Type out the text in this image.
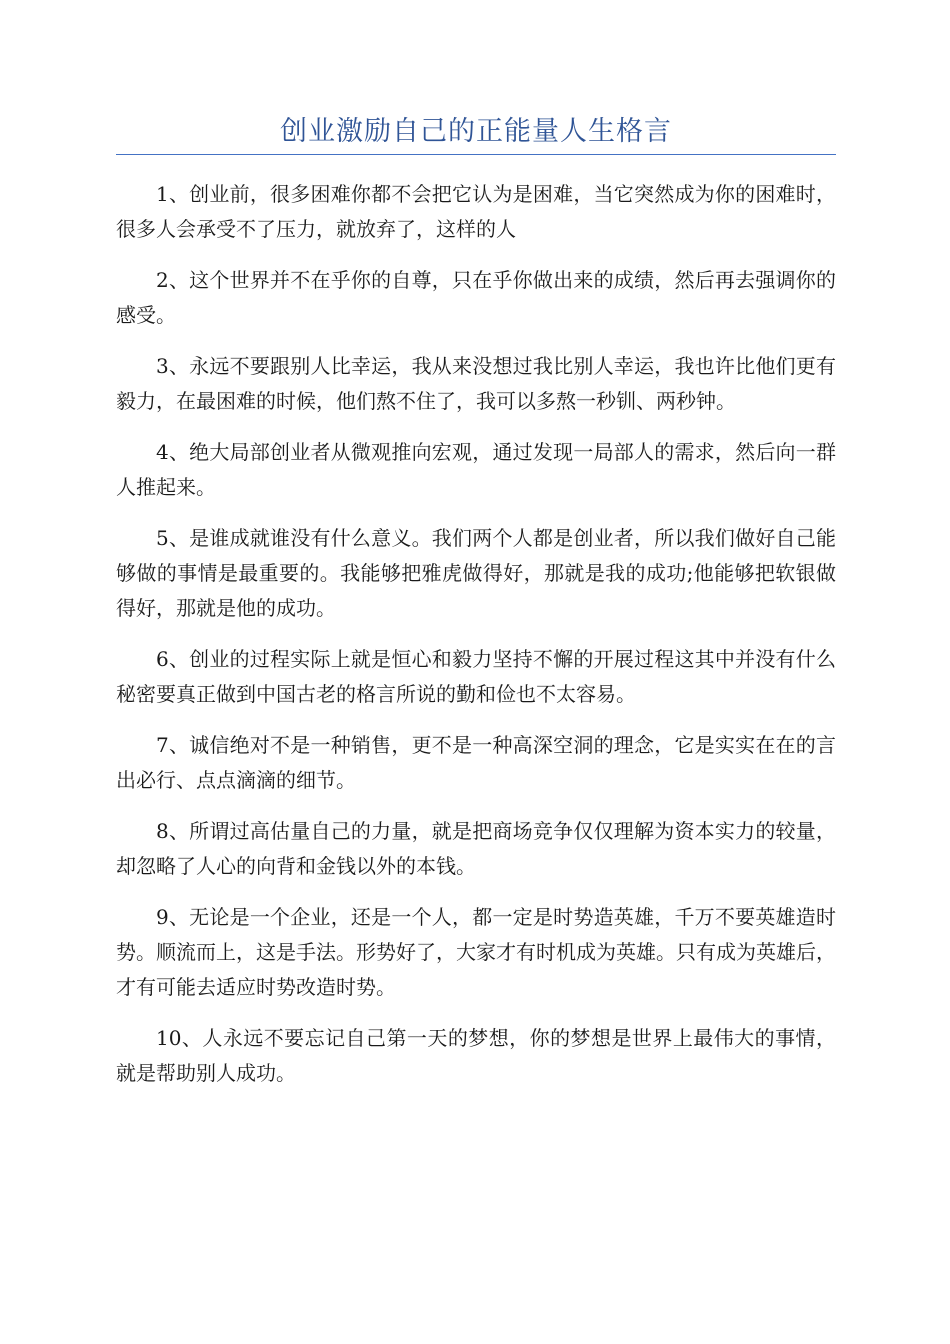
创业激励自己的正能量人生格言

1、创业前，很多困难你都不会把它认为是困难，当它突然成为你的困难时，很多人会承受不了压力，就放弃了，这样的人

2、这个世界并不在乎你的自尊，只在乎你做出来的成绩，然后再去强调你的感受。

3、永远不要跟别人比幸运，我从来没想过我比别人幸运，我也许比他们更有毅力，在最困难的时候，他们熬不住了，我可以多熬一秒钏、两秒钟。

4、绝大局部创业者从微观推向宏观，通过发现一局部人的需求，然后向一群人推起来。

5、是谁成就谁没有什么意义。我们两个人都是创业者，所以我们做好自己能够做的事情是最重要的。我能够把雅虎做得好，那就是我的成功;他能够把软银做得好，那就是他的成功。

6、创业的过程实际上就是恒心和毅力坚持不懈的开展过程这其中并没有什么秘密要真正做到中国古老的格言所说的勤和俭也不太容易。

7、诚信绝对不是一种销售，更不是一种高深空洞的理念，它是实实在在的言出必行、点点滴滴的细节。

8、所谓过高估量自己的力量，就是把商场竞争仅仅理解为资本实力的较量，却忽略了人心的向背和金钱以外的本钱。

9、无论是一个企业，还是一个人，都一定是时势造英雄，千万不要英雄造时势。顺流而上，这是手法。形势好了，大家才有时机成为英雄。只有成为英雄后，才有可能去适应时势改造时势。

10、人永远不要忘记自己第一天的梦想，你的梦想是世界上最伟大的事情，就是帮助别人成功。
